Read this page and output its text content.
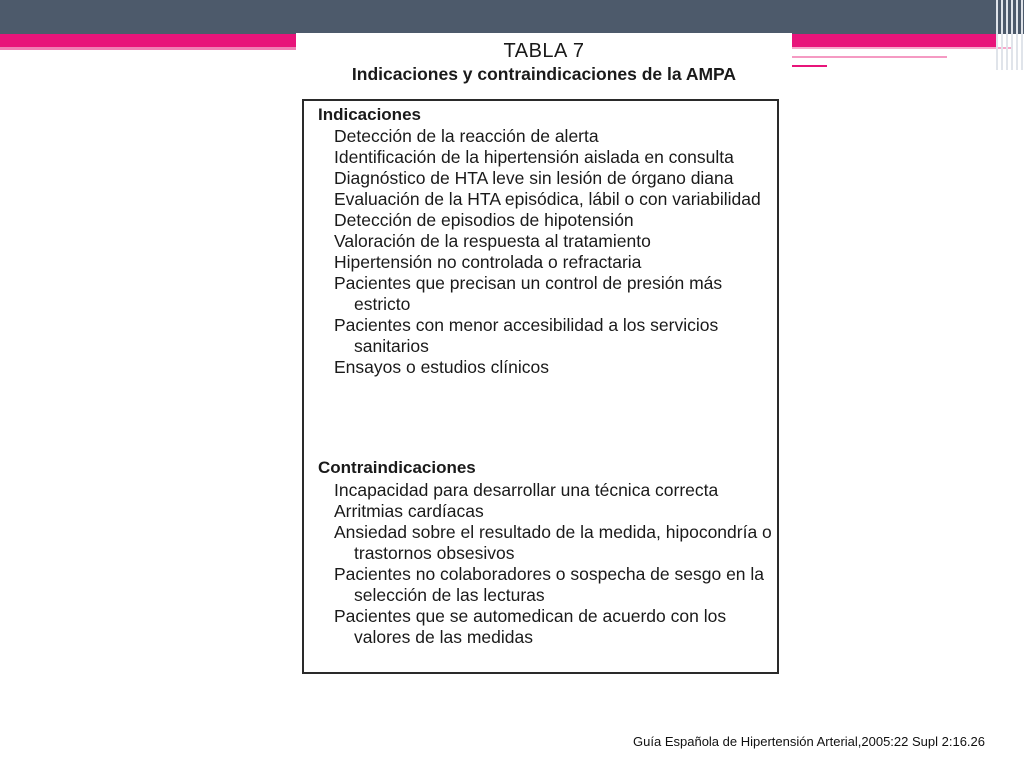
TABLA 7
Indicaciones y contraindicaciones de la AMPA
Indicaciones
Detección de la reacción de alerta
Identificación de la hipertensión aislada en consulta
Diagnóstico de HTA leve sin lesión de órgano diana
Evaluación de la HTA episódica, lábil o con variabilidad
Detección de episodios de hipotensión
Valoración de la respuesta al tratamiento
Hipertensión no controlada o refractaria
Pacientes que precisan un control de presión más estricto
Pacientes con menor accesibilidad a los servicios sanitarios
Ensayos o estudios clínicos
Contraindicaciones
Incapacidad para desarrollar una técnica correcta
Arritmias cardíacas
Ansiedad sobre el resultado de la medida, hipocondría o trastornos obsesivos
Pacientes no colaboradores o sospecha de sesgo en la selección de las lecturas
Pacientes que se automedican de acuerdo con los valores de las medidas
Guía Española de Hipertensión Arterial,2005:22 Supl 2:16.26
